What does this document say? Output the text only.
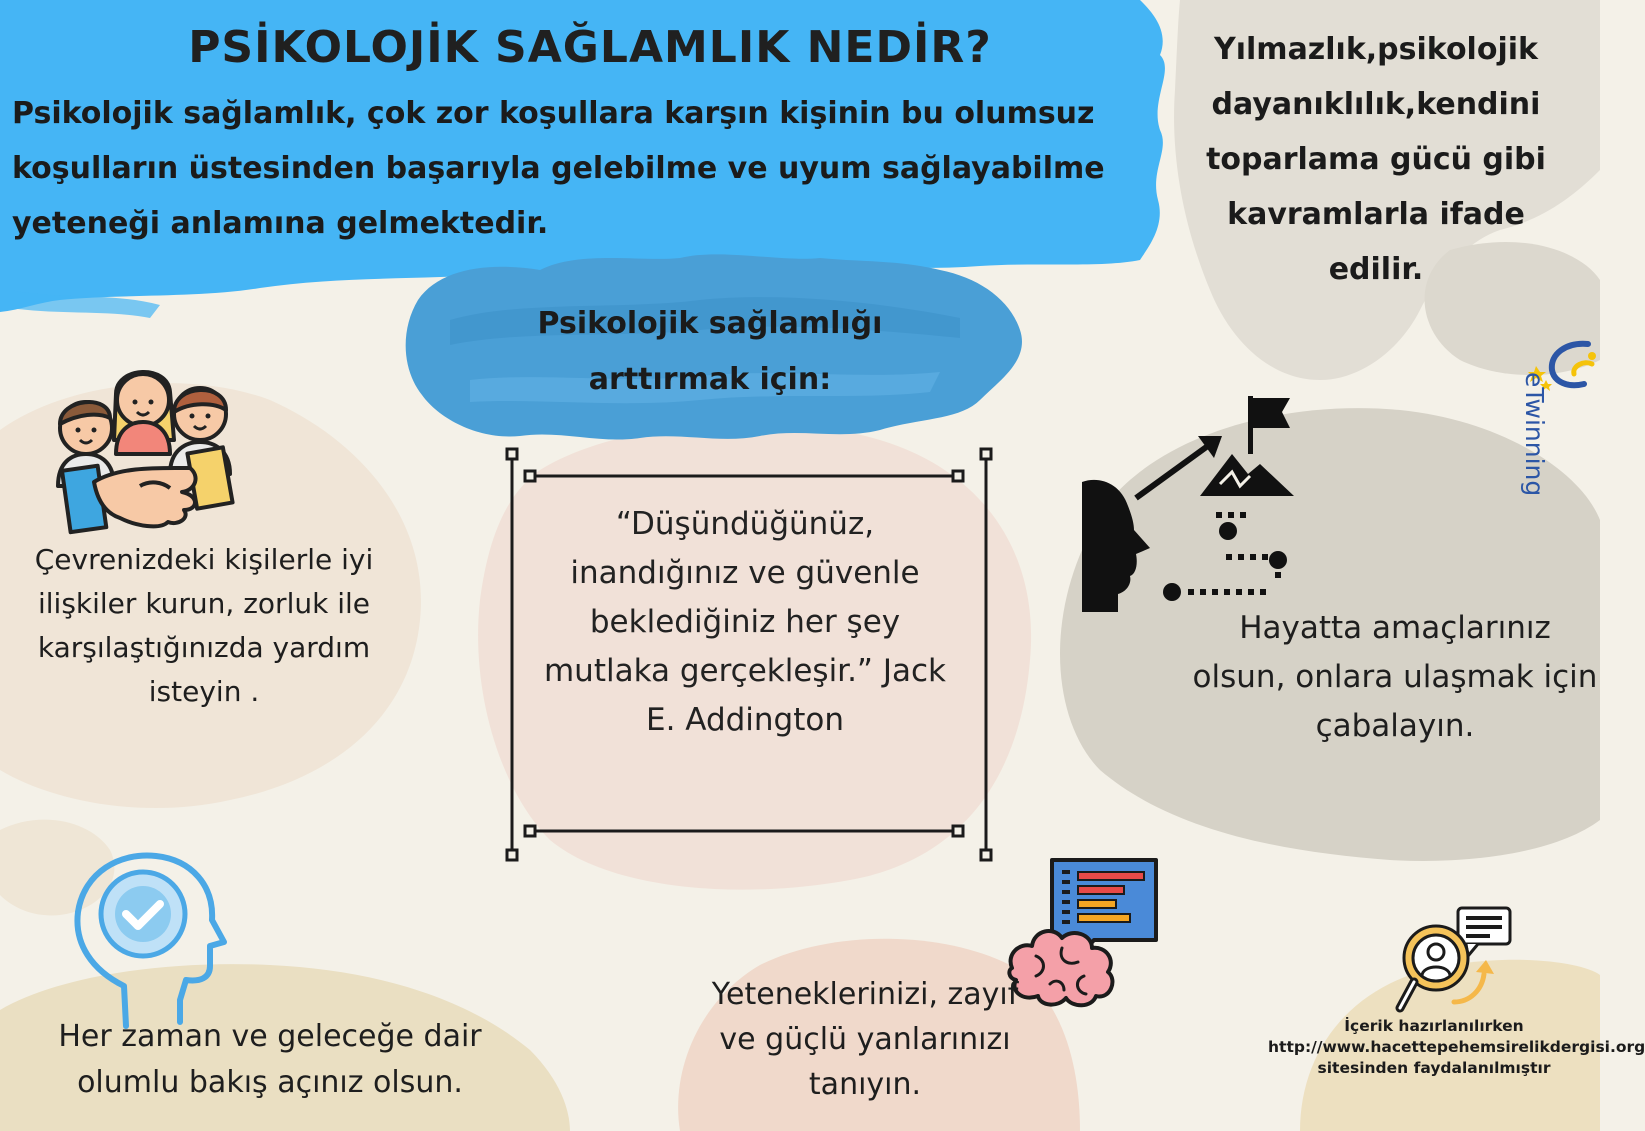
PSİKOLOJİK SAĞLAMLIK NEDİR?

Psikolojik sağlamlık, çok zor koşullara karşın kişinin bu olumsuz koşulların üstesinden başarıyla gelebilme ve uyum sağlayabilme yeteneği anlamına gelmektedir.

Yılmazlık,psikolojik dayanıklılık,kendini toparlama gücü gibi kavramlarla ifade edilir.

Psikolojik sağlamlığı arttırmak için:

“Düşündüğünüz, inandığınız ve güvenle beklediğiniz her şey mutlaka gerçekleşir.” Jack E. Addington

Çevrenizdeki kişilerle iyi ilişkiler kurun, zorluk ile karşılaştığınızda yardım isteyin .

Hayatta amaçlarınız olsun, onlara ulaşmak için çabalayın.

Her zaman ve geleceğe dair olumlu bakış açınız olsun.

Yeteneklerinizi, zayıf ve güçlü yanlarınızı tanıyın.

İçerik hazırlanılırken http://www.hacettepehemsirelikdergisi.org sitesinden faydalanılmıştır

eTwinning
